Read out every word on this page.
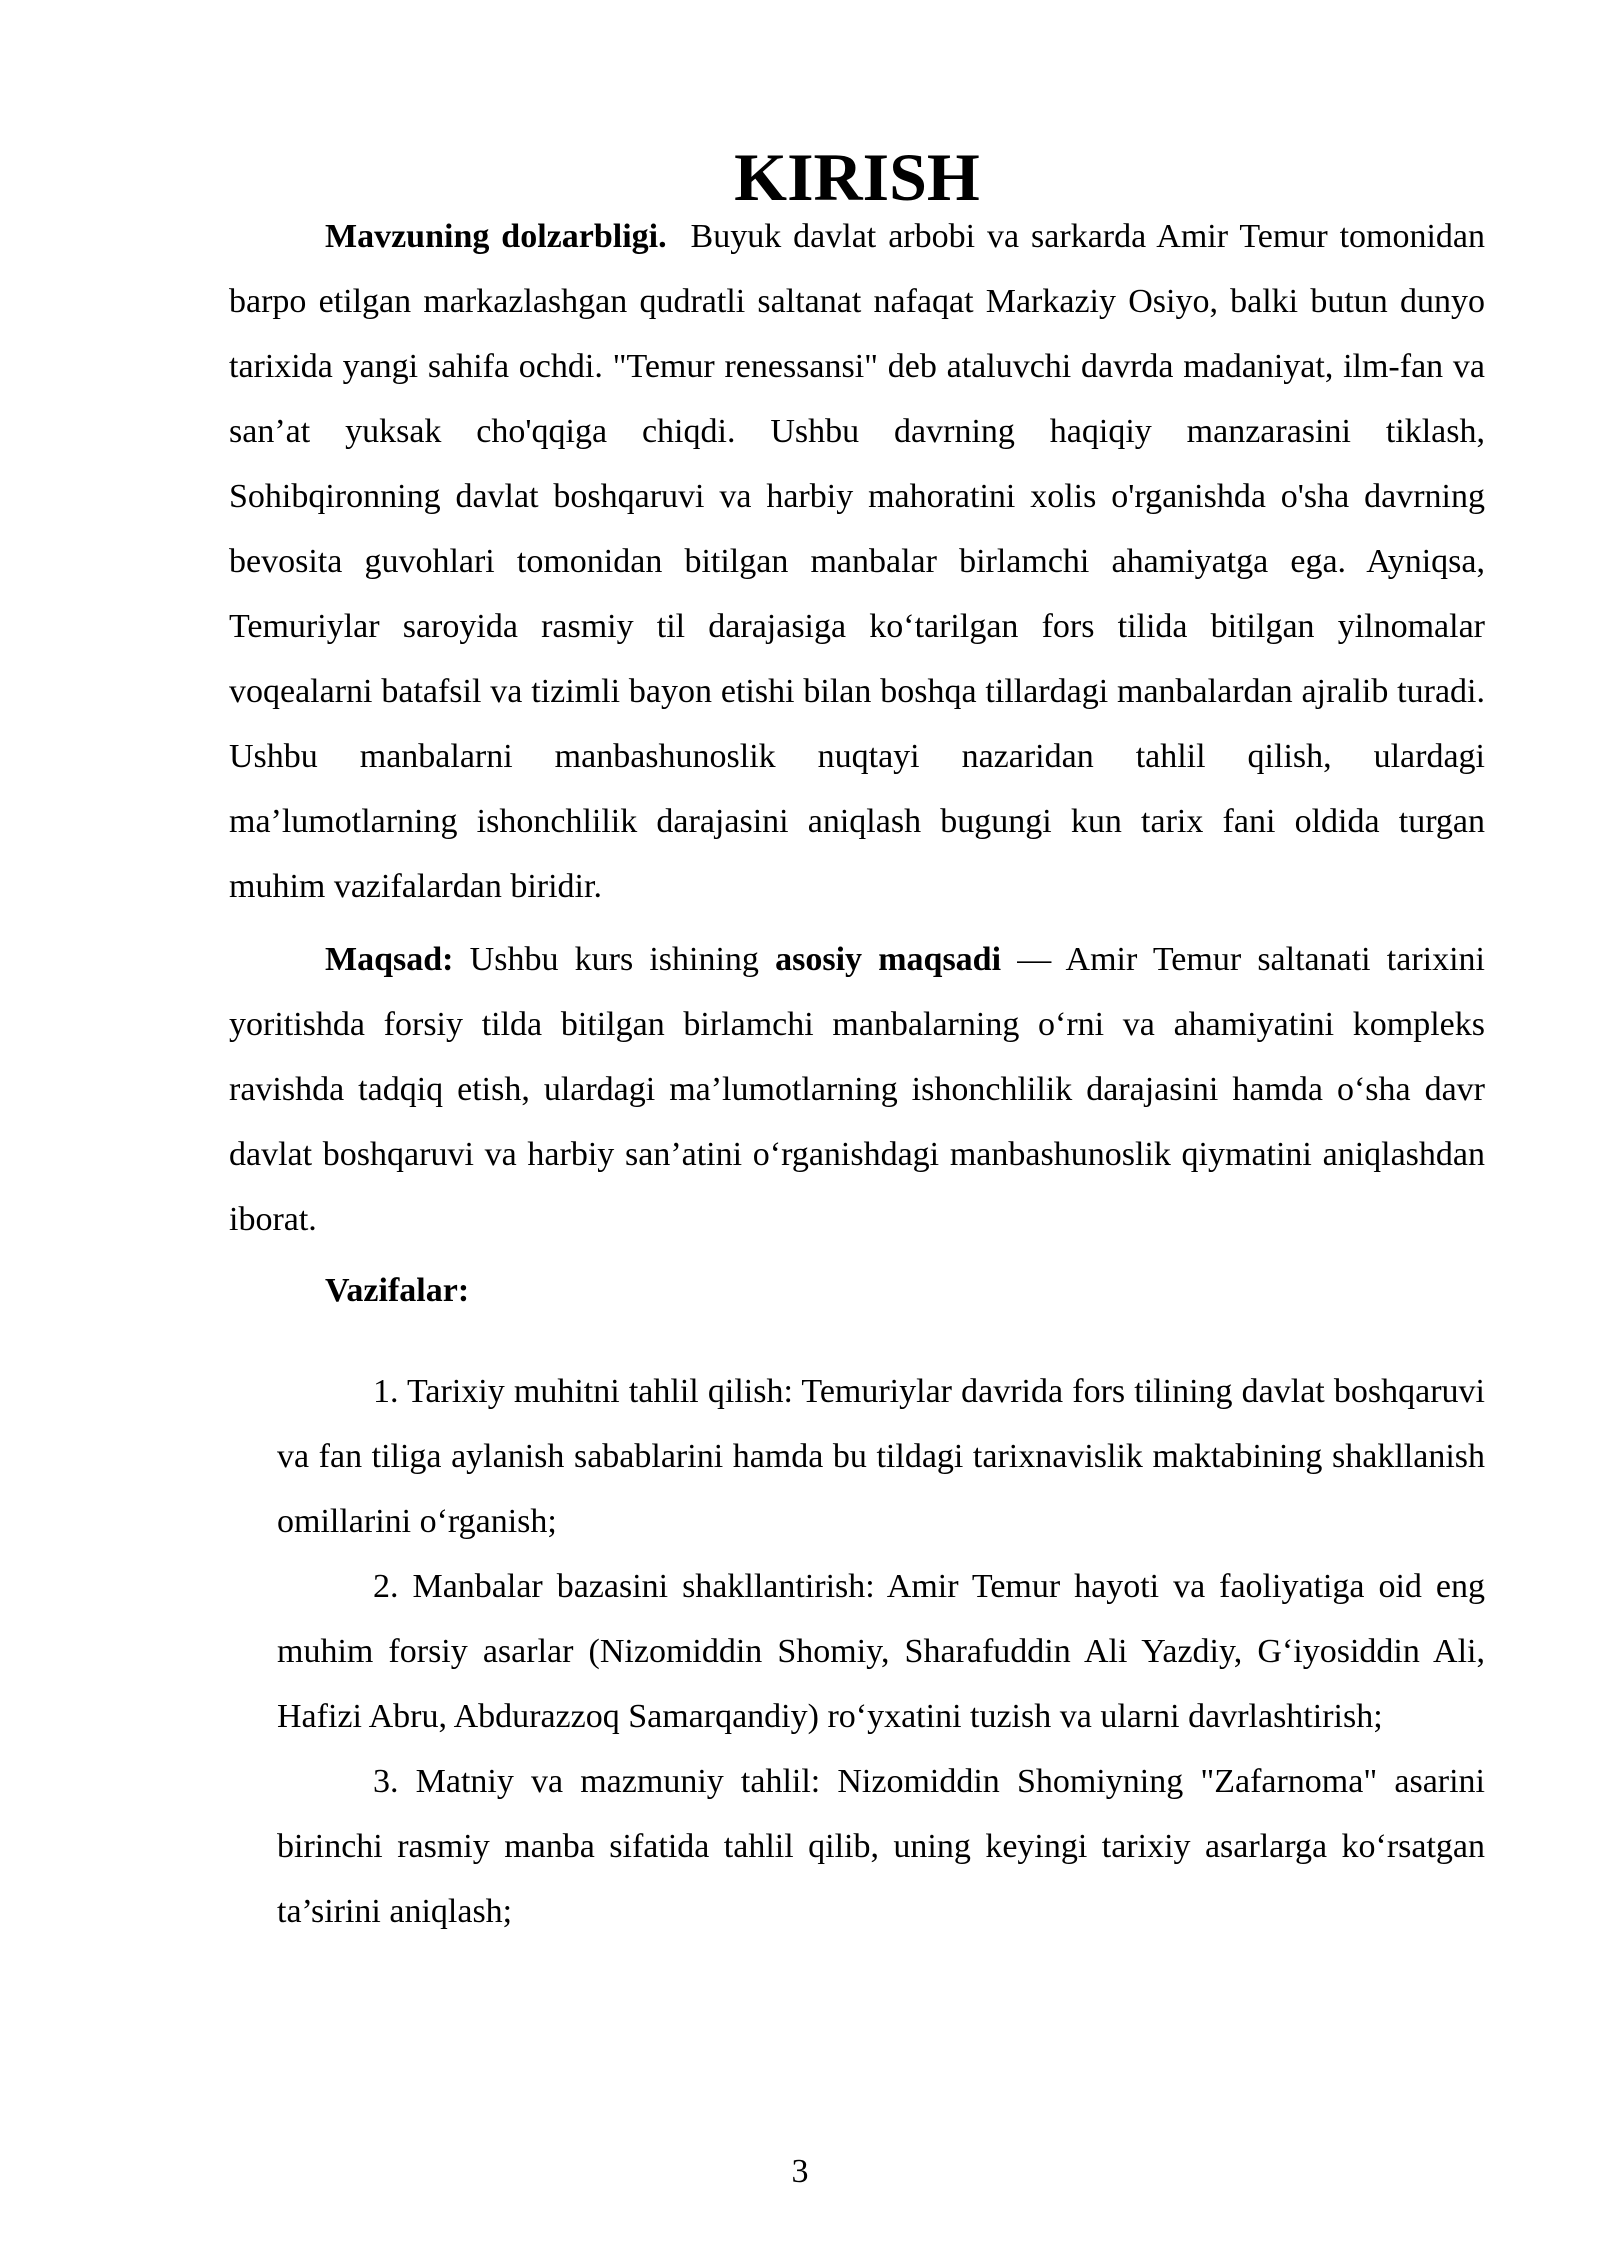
KIRISH

Mavzuning dolzarbligi. Buyuk davlat arbobi va sarkarda Amir Temur tomonidan barpo etilgan markazlashgan qudratli saltanat nafaqat Markaziy Osiyo, balki butun dunyo tarixida yangi sahifa ochdi. "Temur renessansi" deb ataluvchi davrda madaniyat, ilm-fan va san’at yuksak cho'qqiga chiqdi. Ushbu davrning haqiqiy manzarasini tiklash, Sohibqironning davlat boshqaruvi va harbiy mahoratini xolis o'rganishda o'sha davrning bevosita guvohlari tomonidan bitilgan manbalar birlamchi ahamiyatga ega. Ayniqsa, Temuriylar saroyida rasmiy til darajasiga ko‘tarilgan fors tilida bitilgan yilnomalar voqealarni batafsil va tizimli bayon etishi bilan boshqa tillardagi manbalardan ajralib turadi. Ushbu manbalarni manbashunoslik nuqtayi nazaridan tahlil qilish, ulardagi ma’lumotlarning ishonchlilik darajasini aniqlash bugungi kun tarix fani oldida turgan muhim vazifalardan biridir.

Maqsad: Ushbu kurs ishining asosiy maqsadi — Amir Temur saltanati tarixini yoritishda forsiy tilda bitilgan birlamchi manbalarning o‘rni va ahamiyatini kompleks ravishda tadqiq etish, ulardagi ma’lumotlarning ishonchlilik darajasini hamda o‘sha davr davlat boshqaruvi va harbiy san’atini o‘rganishdagi manbashunoslik qiymatini aniqlashdan iborat.

Vazifalar:

1. Tarixiy muhitni tahlil qilish: Temuriylar davrida fors tilining davlat boshqaruvi va fan tiliga aylanish sabablarini hamda bu tildagi tarixnavislik maktabining shakllanish omillarini o‘rganish;

2. Manbalar bazasini shakllantirish: Amir Temur hayoti va faoliyatiga oid eng muhim forsiy asarlar (Nizomiddin Shomiy, Sharafuddin Ali Yazdiy, G‘iyosiddin Ali, Hafizi Abru, Abdurazzoq Samarqandiy) ro‘yxatini tuzish va ularni davrlashtirish;

3. Matniy va mazmuniy tahlil: Nizomiddin Shomiyning "Zafarnoma" asarini birinchi rasmiy manba sifatida tahlil qilib, uning keyingi tarixiy asarlarga ko‘rsatgan ta’sirini aniqlash;

3
